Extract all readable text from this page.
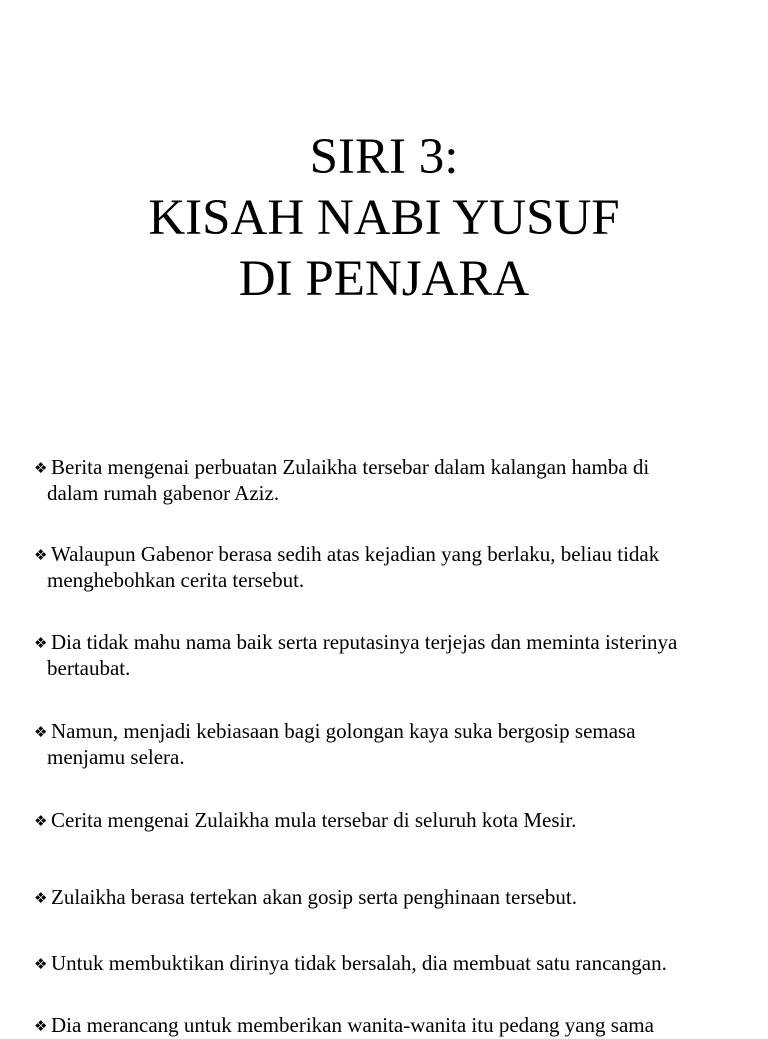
SIRI 3:
KISAH NABI YUSUF
DI PENJARA
❖ Berita mengenai perbuatan Zulaikha tersebar dalam kalangan hamba di
dalam rumah gabenor Aziz.
❖ Walaupun Gabenor berasa sedih atas kejadian yang berlaku, beliau tidak
menghebohkan cerita tersebut.
❖ Dia tidak mahu nama baik serta reputasinya terjejas dan meminta isterinya
bertaubat.
❖ Namun, menjadi kebiasaan bagi golongan kaya suka bergosip semasa
menjamu selera.
❖ Cerita mengenai Zulaikha mula tersebar di seluruh kota Mesir.
❖ Zulaikha berasa tertekan akan gosip serta penghinaan tersebut.
❖ Untuk membuktikan dirinya tidak bersalah, dia membuat satu rancangan.
❖ Dia merancang untuk memberikan wanita-wanita itu pedang yang sama
